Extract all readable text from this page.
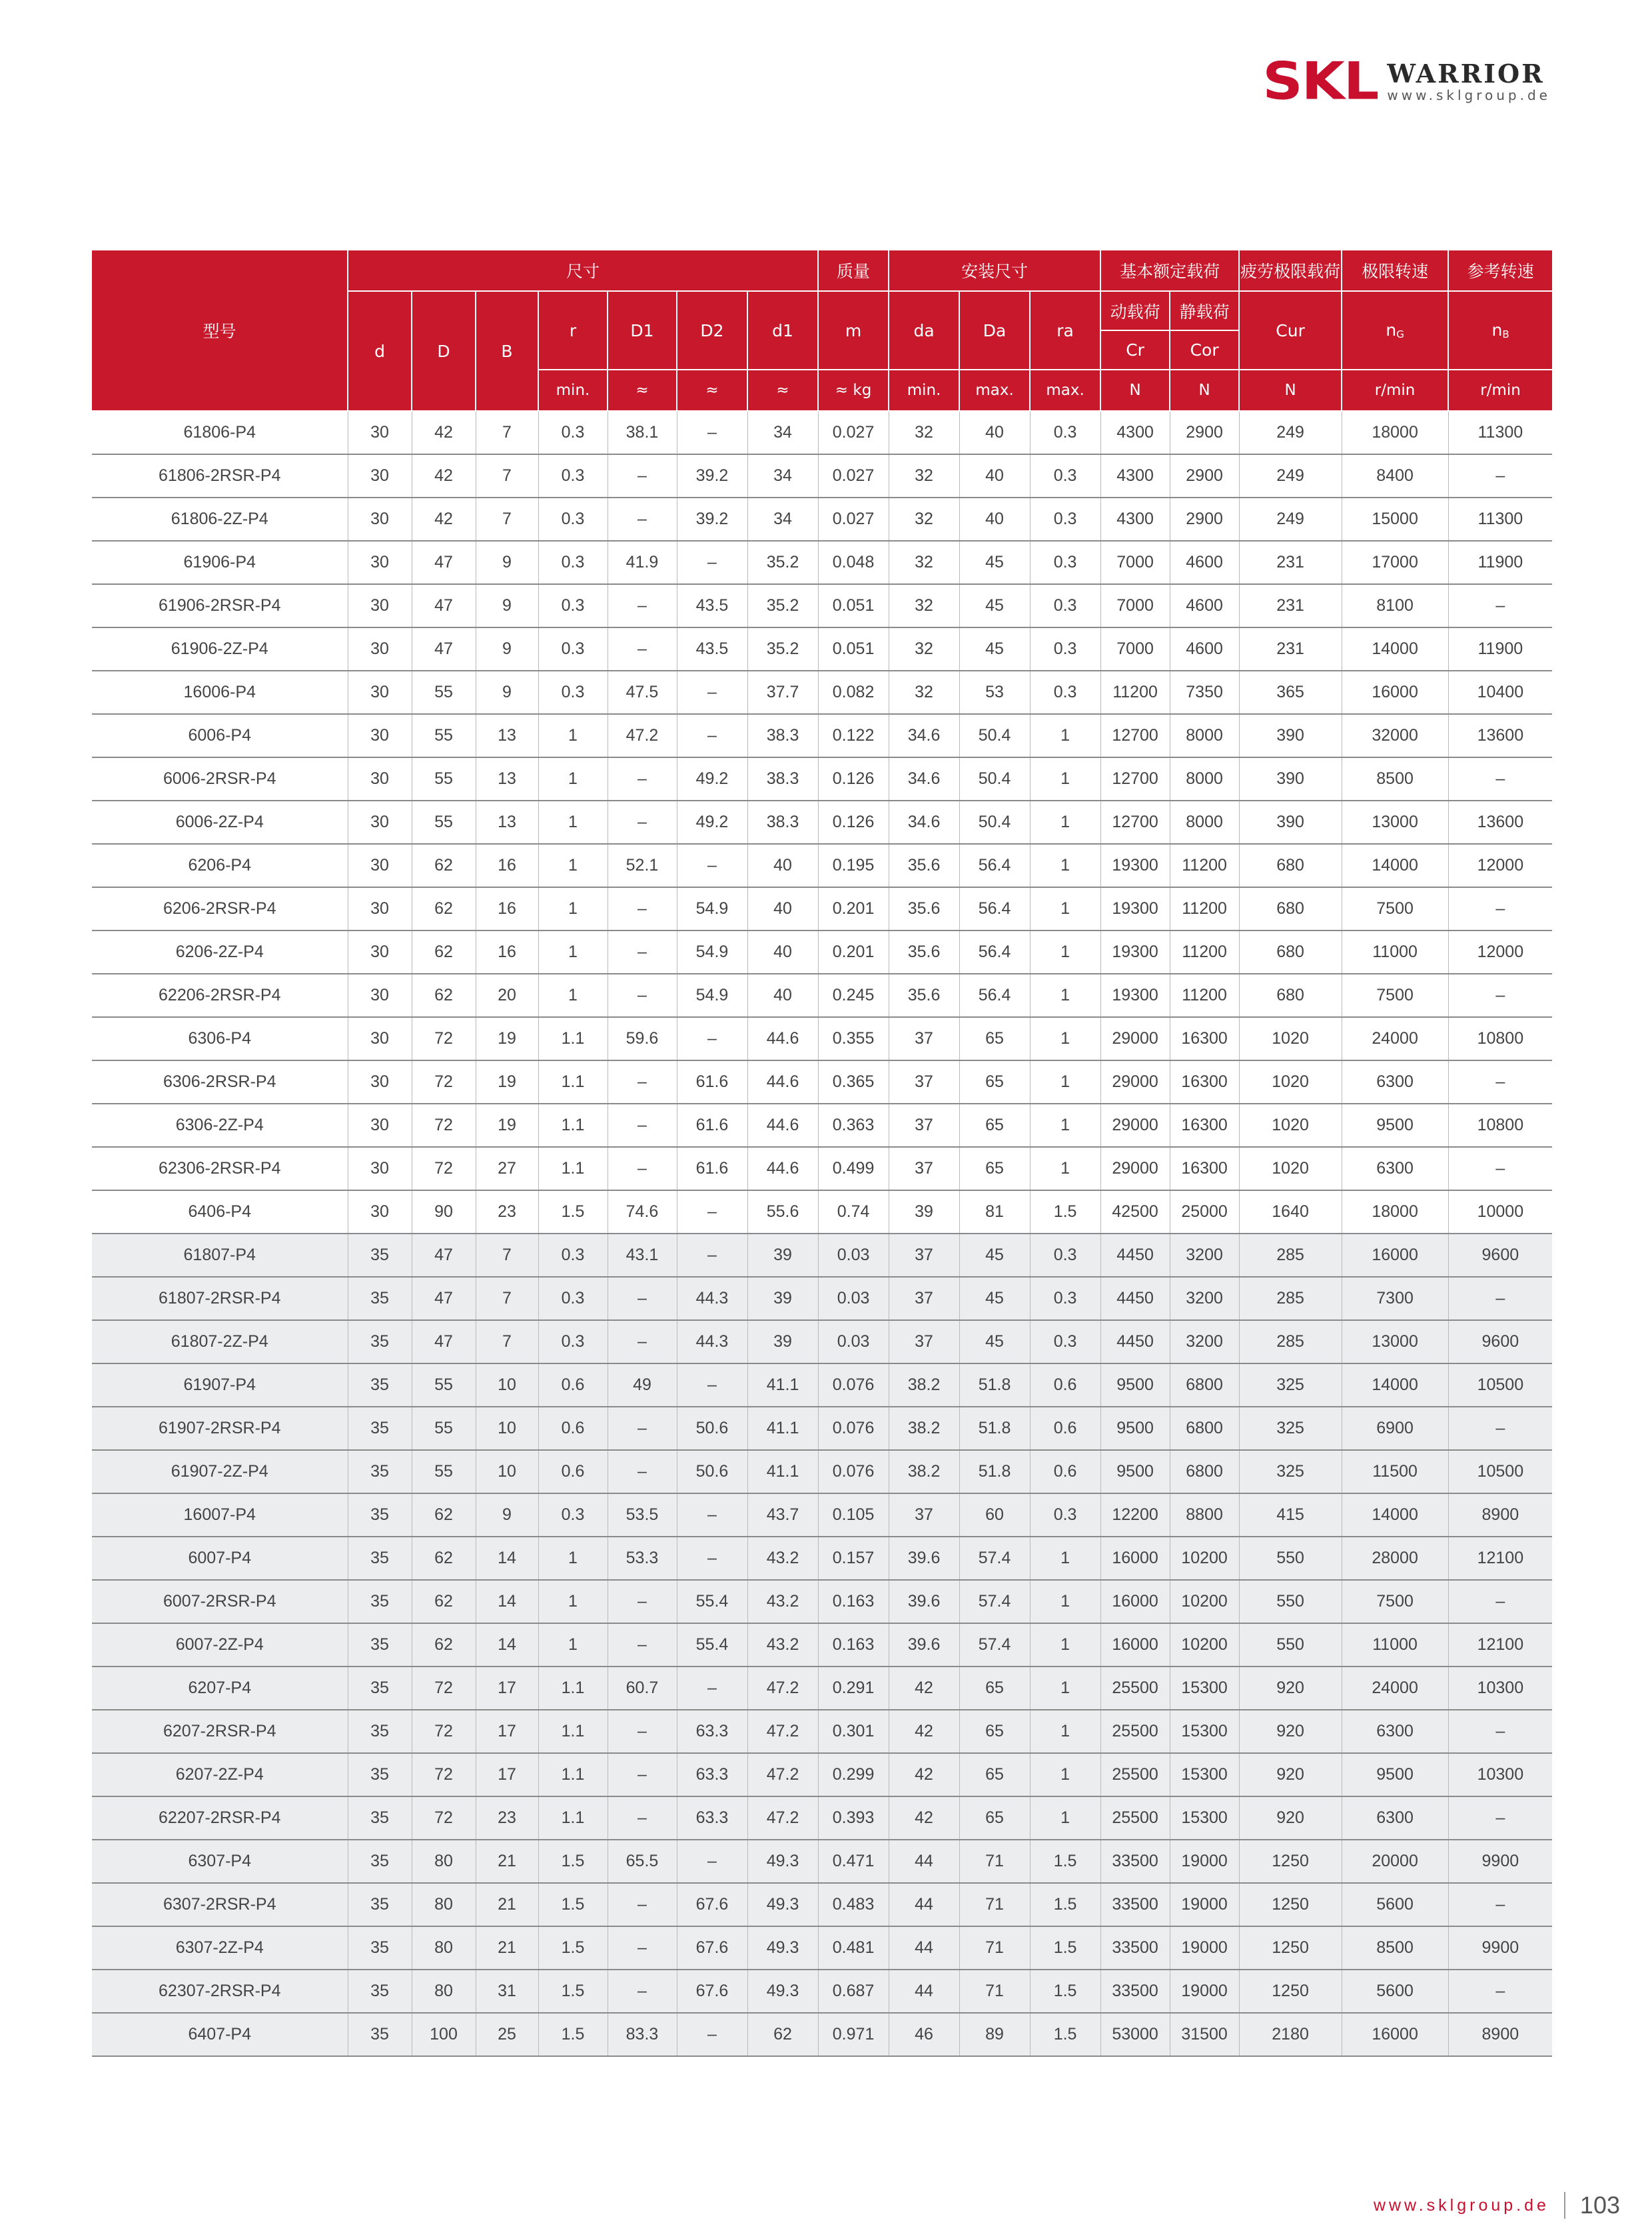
SKL WARRIOR
www.sklgroup.de
型号	尺寸							质量	安装尺寸			基本额定载荷		疲劳极限载荷	极限转速	参考转速
	d	D	B	r	D1	D2	d1	m	da	Da	ra	动载荷	静载荷	Cur	$n_G$	$n_B$
												Cr	Cor			
				min.	≈	≈	≈	≈ kg	min.	max.	max.	N	N	N	r/min	r/min
61806-P4	30	42	7	0.3	38.1	–	34	0.027	32	40	0.3	4300	2900	249	18000	11300
61806-2RSR-P4	30	42	7	0.3	–	39.2	34	0.027	32	40	0.3	4300	2900	249	8400	–
61806-2Z-P4	30	42	7	0.3	–	39.2	34	0.027	32	40	0.3	4300	2900	249	15000	11300
61906-P4	30	47	9	0.3	41.9	–	35.2	0.048	32	45	0.3	7000	4600	231	17000	11900
61906-2RSR-P4	30	47	9	0.3	–	43.5	35.2	0.051	32	45	0.3	7000	4600	231	8100	–
61906-2Z-P4	30	47	9	0.3	–	43.5	35.2	0.051	32	45	0.3	7000	4600	231	14000	11900
16006-P4	30	55	9	0.3	47.5	–	37.7	0.082	32	53	0.3	11200	7350	365	16000	10400
6006-P4	30	55	13	1	47.2	–	38.3	0.122	34.6	50.4	1	12700	8000	390	32000	13600
6006-2RSR-P4	30	55	13	1	–	49.2	38.3	0.126	34.6	50.4	1	12700	8000	390	8500	–
6006-2Z-P4	30	55	13	1	–	49.2	38.3	0.126	34.6	50.4	1	12700	8000	390	13000	13600
6206-P4	30	62	16	1	52.1	–	40	0.195	35.6	56.4	1	19300	11200	680	14000	12000
6206-2RSR-P4	30	62	16	1	–	54.9	40	0.201	35.6	56.4	1	19300	11200	680	7500	–
6206-2Z-P4	30	62	16	1	–	54.9	40	0.201	35.6	56.4	1	19300	11200	680	11000	12000
62206-2RSR-P4	30	62	20	1	–	54.9	40	0.245	35.6	56.4	1	19300	11200	680	7500	–
6306-P4	30	72	19	1.1	59.6	–	44.6	0.355	37	65	1	29000	16300	1020	24000	10800
6306-2RSR-P4	30	72	19	1.1	–	61.6	44.6	0.365	37	65	1	29000	16300	1020	6300	–
6306-2Z-P4	30	72	19	1.1	–	61.6	44.6	0.363	37	65	1	29000	16300	1020	9500	10800
62306-2RSR-P4	30	72	27	1.1	–	61.6	44.6	0.499	37	65	1	29000	16300	1020	6300	–
6406-P4	30	90	23	1.5	74.6	–	55.6	0.74	39	81	1.5	42500	25000	1640	18000	10000
61807-P4	35	47	7	0.3	43.1	–	39	0.03	37	45	0.3	4450	3200	285	16000	9600
61807-2RSR-P4	35	47	7	0.3	–	44.3	39	0.03	37	45	0.3	4450	3200	285	7300	–
61807-2Z-P4	35	47	7	0.3	–	44.3	39	0.03	37	45	0.3	4450	3200	285	13000	9600
61907-P4	35	55	10	0.6	49	–	41.1	0.076	38.2	51.8	0.6	9500	6800	325	14000	10500
61907-2RSR-P4	35	55	10	0.6	–	50.6	41.1	0.076	38.2	51.8	0.6	9500	6800	325	6900	–
61907-2Z-P4	35	55	10	0.6	–	50.6	41.1	0.076	38.2	51.8	0.6	9500	6800	325	11500	10500
16007-P4	35	62	9	0.3	53.5	–	43.7	0.105	37	60	0.3	12200	8800	415	14000	8900
6007-P4	35	62	14	1	53.3	–	43.2	0.157	39.6	57.4	1	16000	10200	550	28000	12100
6007-2RSR-P4	35	62	14	1	–	55.4	43.2	0.163	39.6	57.4	1	16000	10200	550	7500	–
6007-2Z-P4	35	62	14	1	–	55.4	43.2	0.163	39.6	57.4	1	16000	10200	550	11000	12100
6207-P4	35	72	17	1.1	60.7	–	47.2	0.291	42	65	1	25500	15300	920	24000	10300
6207-2RSR-P4	35	72	17	1.1	–	63.3	47.2	0.301	42	65	1	25500	15300	920	6300	–
6207-2Z-P4	35	72	17	1.1	–	63.3	47.2	0.299	42	65	1	25500	15300	920	9500	10300
62207-2RSR-P4	35	72	23	1.1	–	63.3	47.2	0.393	42	65	1	25500	15300	920	6300	–
6307-P4	35	80	21	1.5	65.5	–	49.3	0.471	44	71	1.5	33500	19000	1250	20000	9900
6307-2RSR-P4	35	80	21	1.5	–	67.6	49.3	0.483	44	71	1.5	33500	19000	1250	5600	–
6307-2Z-P4	35	80	21	1.5	–	67.6	49.3	0.481	44	71	1.5	33500	19000	1250	8500	9900
62307-2RSR-P4	35	80	31	1.5	–	67.6	49.3	0.687	44	71	1.5	33500	19000	1250	5600	–
6407-P4	35	100	25	1.5	83.3	–	62	0.971	46	89	1.5	53000	31500	2180	16000	8900
www.sklgroup.de 103
